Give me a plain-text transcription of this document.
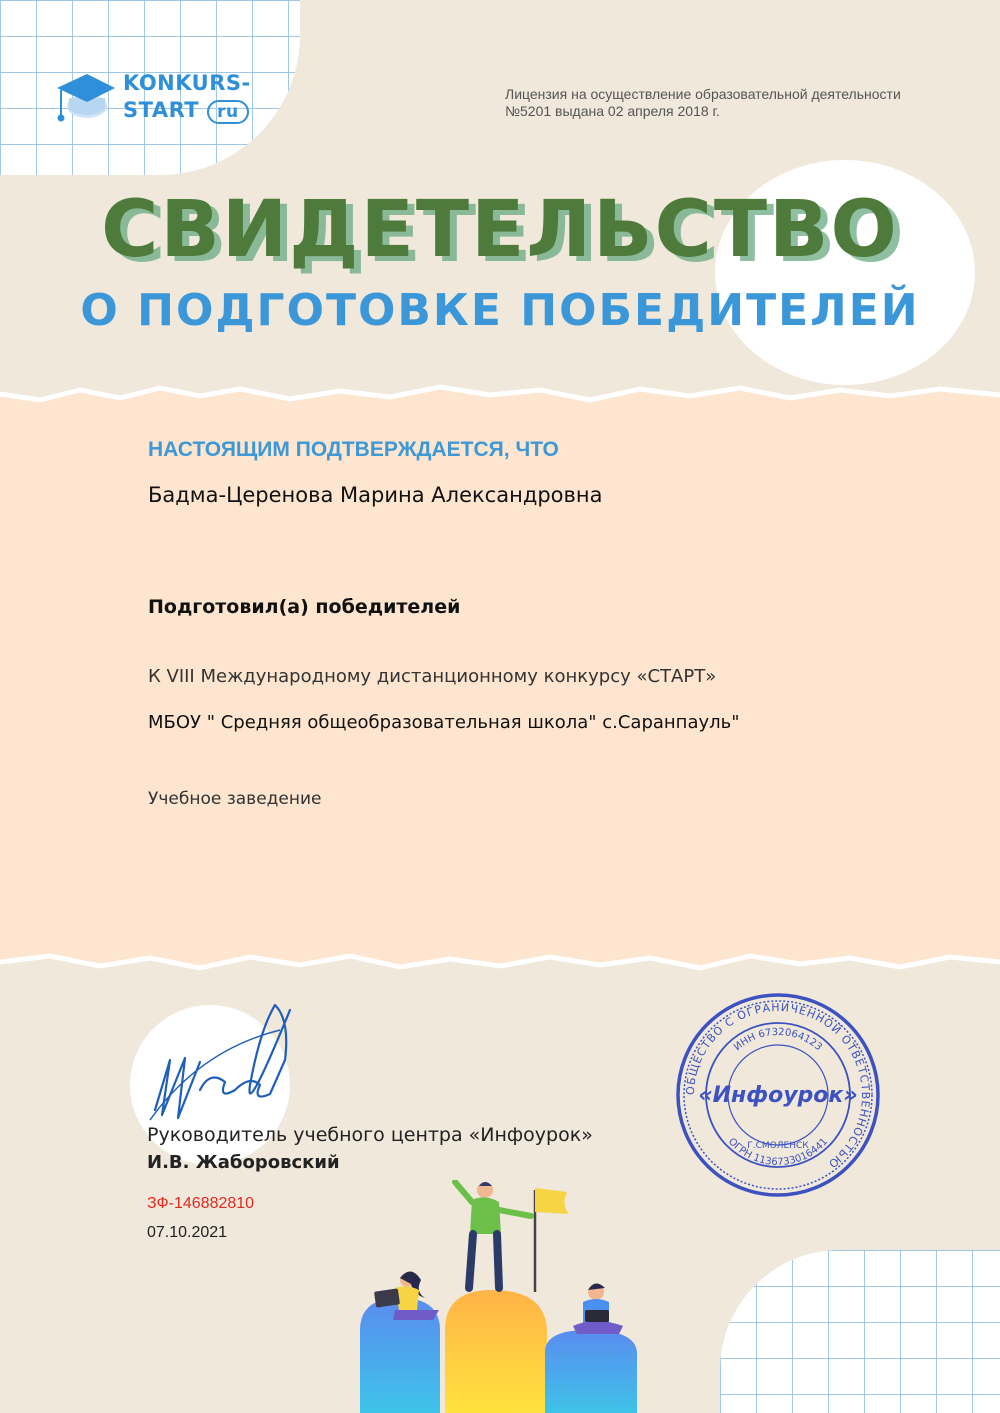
KONKURS-
START ru
Лицензия на осуществление образовательной деятельности
№5201 выдана 02 апреля 2018 г.
СВИДЕТЕЛЬСТВО
О ПОДГОТОВКЕ ПОБЕДИТЕЛЕЙ
НАСТОЯЩИМ ПОДТВЕРЖДАЕТСЯ, ЧТО
Бадма-Церенова Марина Александровна
Подготовил(а) победителей
К VIII Международному дистанционному конкурсу «СТАРТ»
МБОУ " Средняя общеобразовательная школа" с.Саранпауль"
Учебное заведение
Руководитель учебного центра «Инфоурок»
И.В. Жаборовский
ЗФ-146882810
07.10.2021
ОБЩЕСТВО С ОГРАНИЧЕННОЙ ОТВЕТСТВЕННОСТЬЮ
ИНН 6732064123
ОГРН 1136733016441
«Инфоурок»
Г.СМОЛЕНСК
